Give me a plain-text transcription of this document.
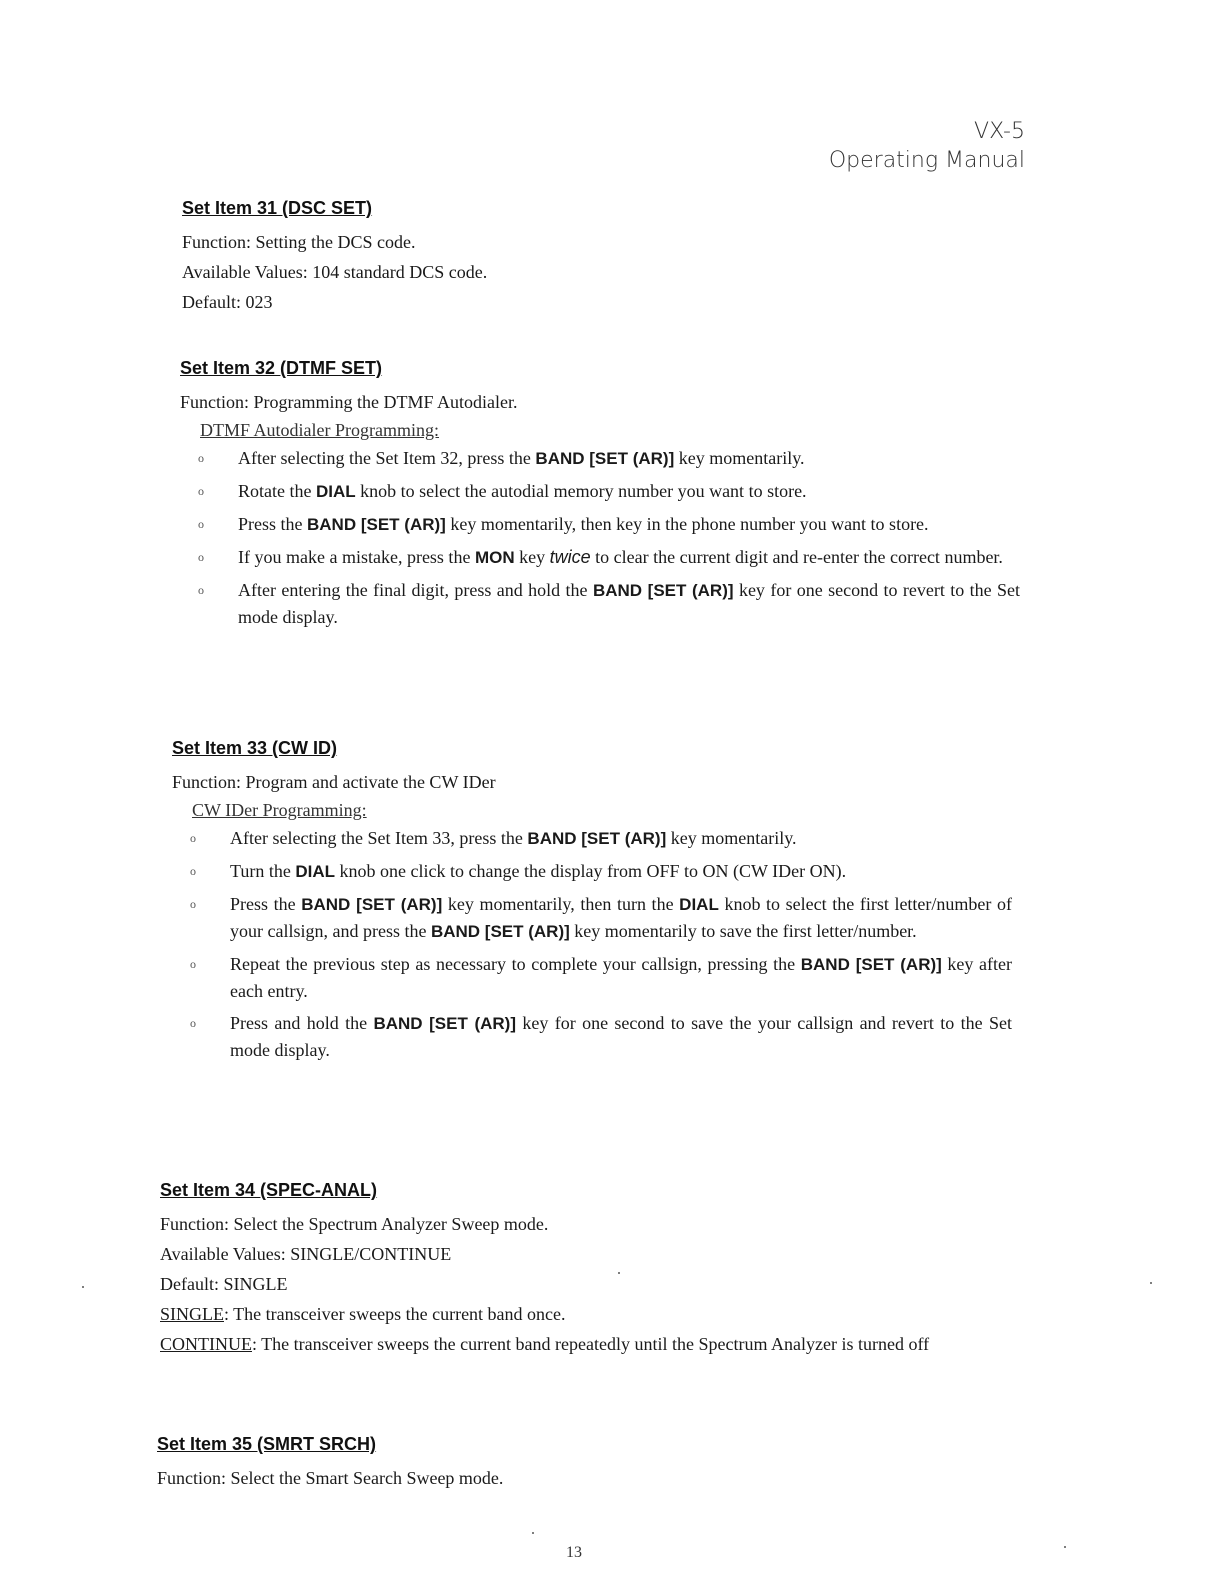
VX-5
Operating Manual
Set Item 31 (DSC SET)
Function: Setting the DCS code.
Available Values: 104 standard DCS code.
Default: 023
Set Item 32 (DTMF SET)
Function: Programming the DTMF Autodialer.
DTMF Autodialer Programming:
o After selecting the Set Item 32, press the BAND [SET (AR)] key momentarily.
o Rotate the DIAL knob to select the autodial memory number you want to store.
o Press the BAND [SET (AR)] key momentarily, then key in the phone number you want to store.
o If you make a mistake, press the MON key twice to clear the current digit and re-enter the correct number.
o After entering the final digit, press and hold the BAND [SET (AR)] key for one second to revert to the Set mode display.
Set Item 33 (CW ID)
Function: Program and activate the CW IDer
CW IDer Programming:
o After selecting the Set Item 33, press the BAND [SET (AR)] key momentarily.
o Turn the DIAL knob one click to change the display from OFF to ON (CW IDer ON).
o Press the BAND [SET (AR)] key momentarily, then turn the DIAL knob to select the first letter/number of your callsign, and press the BAND [SET (AR)] key momentarily to save the first letter/number.
o Repeat the previous step as necessary to complete your callsign, pressing the BAND [SET (AR)] key after each entry.
o Press and hold the BAND [SET (AR)] key for one second to save the your callsign and revert to the Set mode display.
Set Item 34 (SPEC-ANAL)
Function: Select the Spectrum Analyzer Sweep mode.
Available Values: SINGLE/CONTINUE
Default: SINGLE
SINGLE: The transceiver sweeps the current band once.
CONTINUE: The transceiver sweeps the current band repeatedly until the Spectrum Analyzer is turned off
Set Item 35 (SMRT SRCH)
Function: Select the Smart Search Sweep mode.
13
